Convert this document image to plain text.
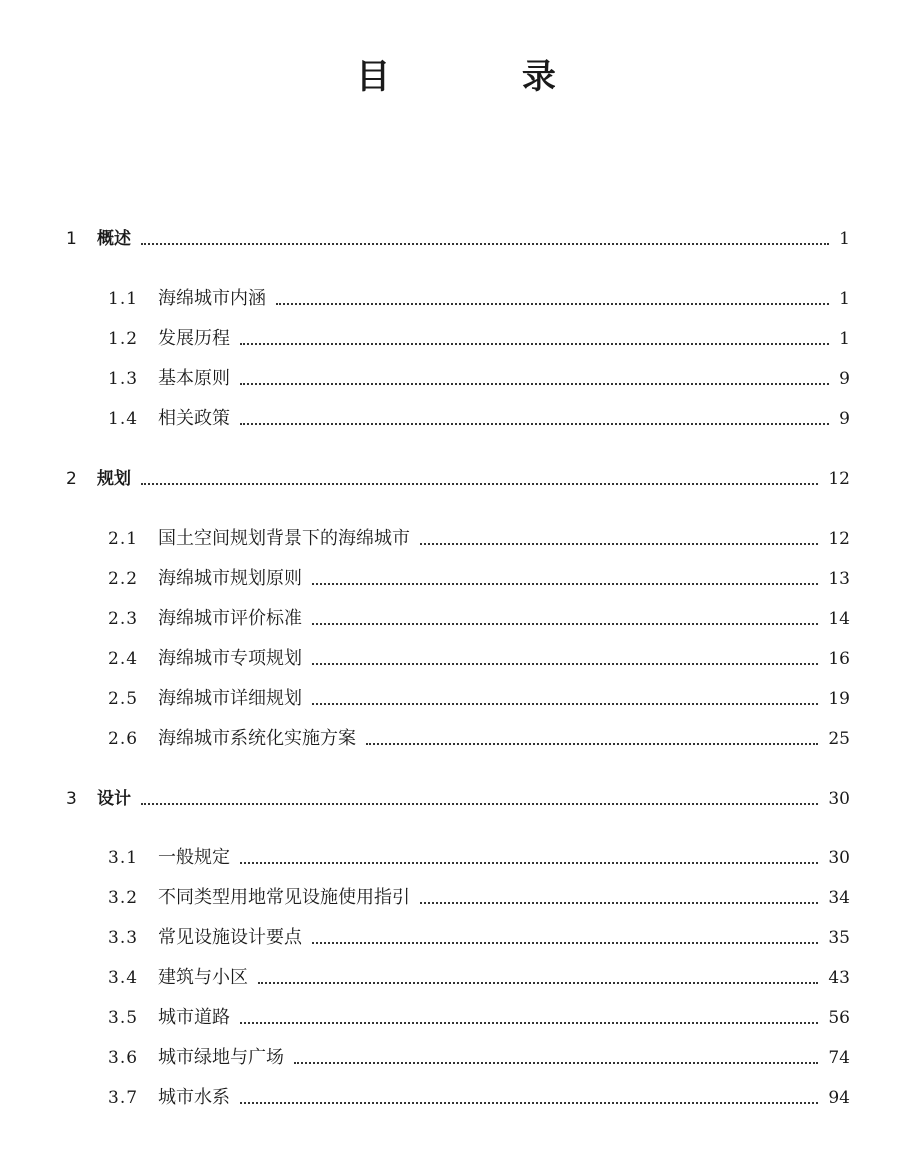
目 录
1 概述	1
1.1 海绵城市内涵	1
1.2 发展历程	1
1.3 基本原则	9
1.4 相关政策	9
2 规划	12
2.1 国土空间规划背景下的海绵城市	12
2.2 海绵城市规划原则	13
2.3 海绵城市评价标准	14
2.4 海绵城市专项规划	16
2.5 海绵城市详细规划	19
2.6 海绵城市系统化实施方案	25
3 设计	30
3.1 一般规定	30
3.2 不同类型用地常见设施使用指引	34
3.3 常见设施设计要点	35
3.4 建筑与小区	43
3.5 城市道路	56
3.6 城市绿地与广场	74
3.7 城市水系	94
